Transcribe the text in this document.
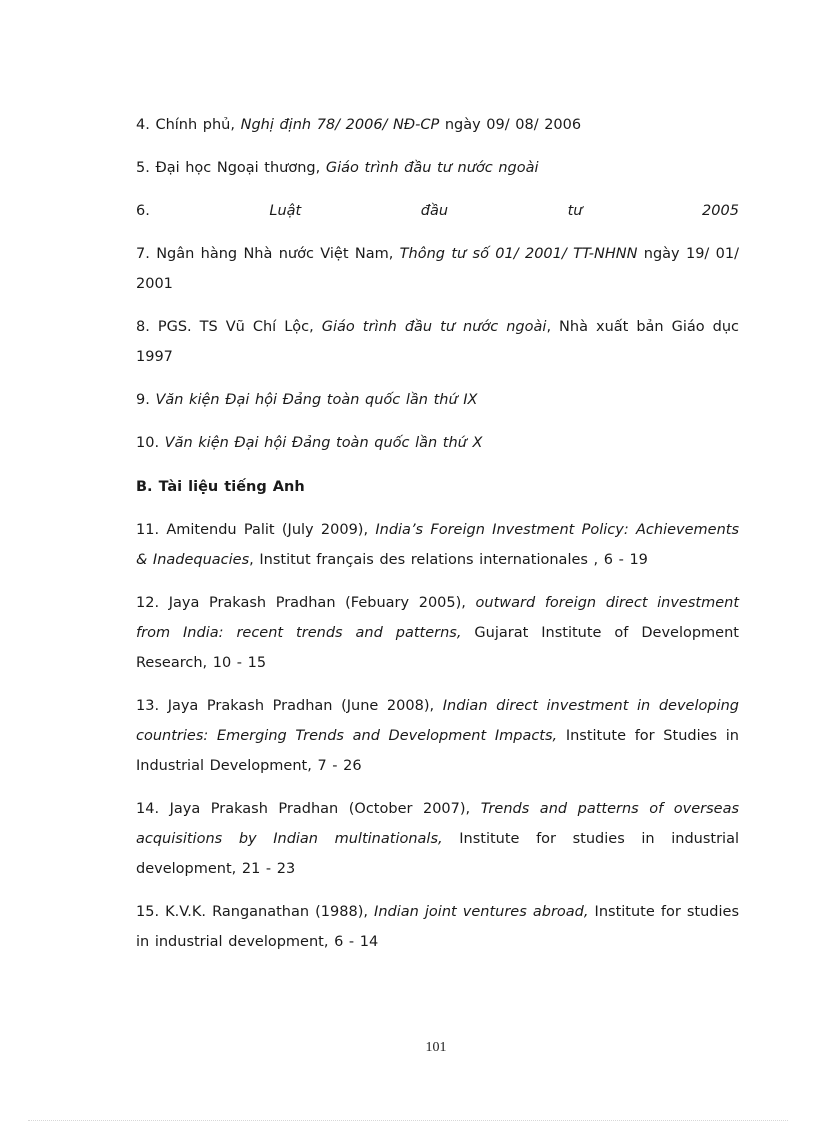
4. Chính phủ, Nghị định 78/ 2006/ NĐ-CP ngày 09/ 08/ 2006
5. Đại học Ngoại thương, Giáo trình đầu tư nước ngoài
6.	Luật	đầu	tư	2005
7. Ngân hàng Nhà nước Việt Nam, Thông tư số 01/ 2001/ TT-NHNN ngày 19/ 01/ 2001
8. PGS. TS Vũ Chí Lộc, Giáo trình đầu tư nước ngoài, Nhà xuất bản Giáo dục 1997
9. Văn kiện Đại hội Đảng toàn quốc lần thứ IX
10. Văn kiện Đại hội Đảng toàn quốc lần thứ X
B. Tài liệu tiếng Anh
11. Amitendu Palit (July 2009), India’s Foreign Investment Policy: Achievements & Inadequacies, Institut français des relations internationales , 6 - 19
12. Jaya Prakash Pradhan (Febuary 2005), outward foreign direct investment from India: recent trends and patterns, Gujarat Institute of Development Research, 10 - 15
13. Jaya Prakash Pradhan (June 2008), Indian direct investment in developing countries: Emerging Trends and Development Impacts, Institute for Studies in Industrial Development, 7 - 26
14. Jaya Prakash Pradhan (October 2007), Trends and patterns of overseas acquisitions by Indian multinationals, Institute for studies in industrial development, 21 - 23
15. K.V.K. Ranganathan (1988), Indian joint ventures abroad, Institute for studies in industrial development, 6 - 14
101
